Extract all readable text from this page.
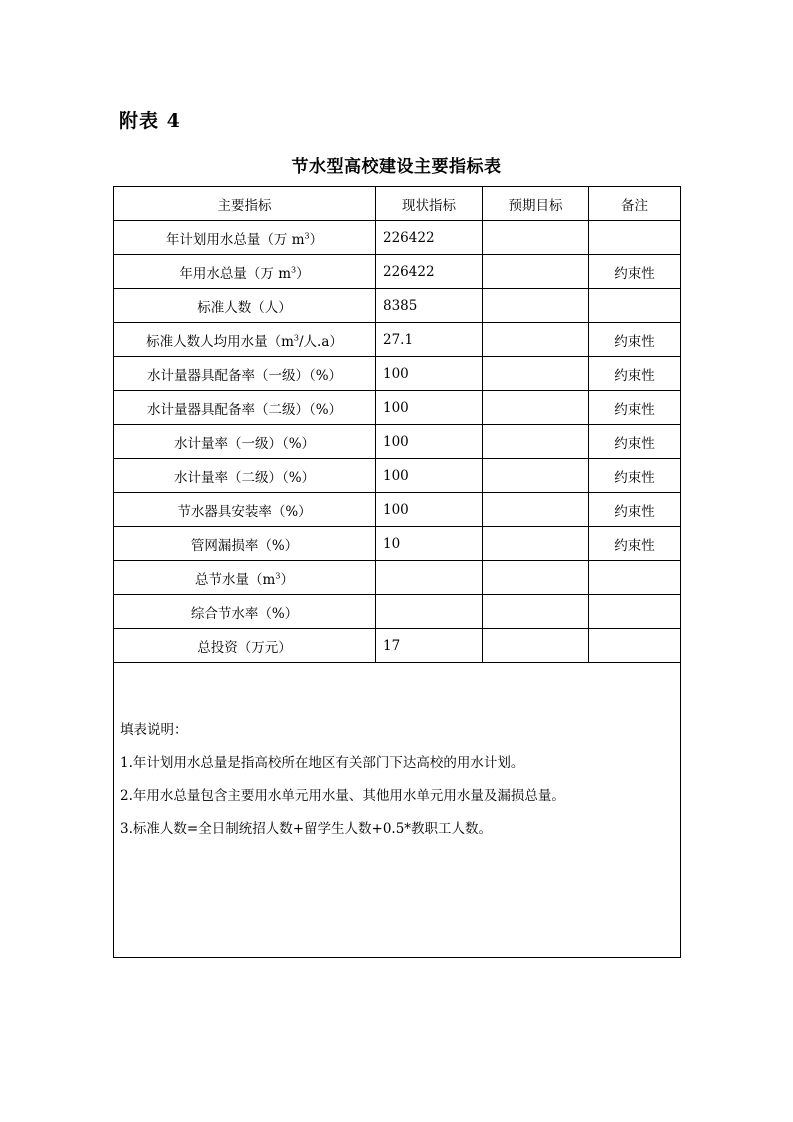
附表 4
节水型高校建设主要指标表
主要指标	现状指标	预期目标	备注
年计划用水总量（万 $m^3$）	226422		
年用水总量（万 $m^3$）	226422		约束性
标准人数（人）	8385		
标准人数人均用水量（$m^3/$人.a）	27.1		约束性
水计量器具配备率（一级）（%）	100		约束性
水计量器具配备率（二级）（%）	100		约束性
水计量率（一级）（%）	100		约束性
水计量率（二级）（%）	100		约束性
节水器具安装率（%）	100		约束性
管网漏损率（%）	10		约束性
总节水量$(m^3)$			
综合节水率（%）			
总投资（万元）	17		

填表说明：
1.年计划用水总量是指高校所在地区有关部门下达高校的用水计划。
2.年用水总量包含主要用水单元用水量、其他用水单元用水量及漏损总量。
3.标准人数=全日制统招人数+留学生人数+0.5*教职工人数。			
